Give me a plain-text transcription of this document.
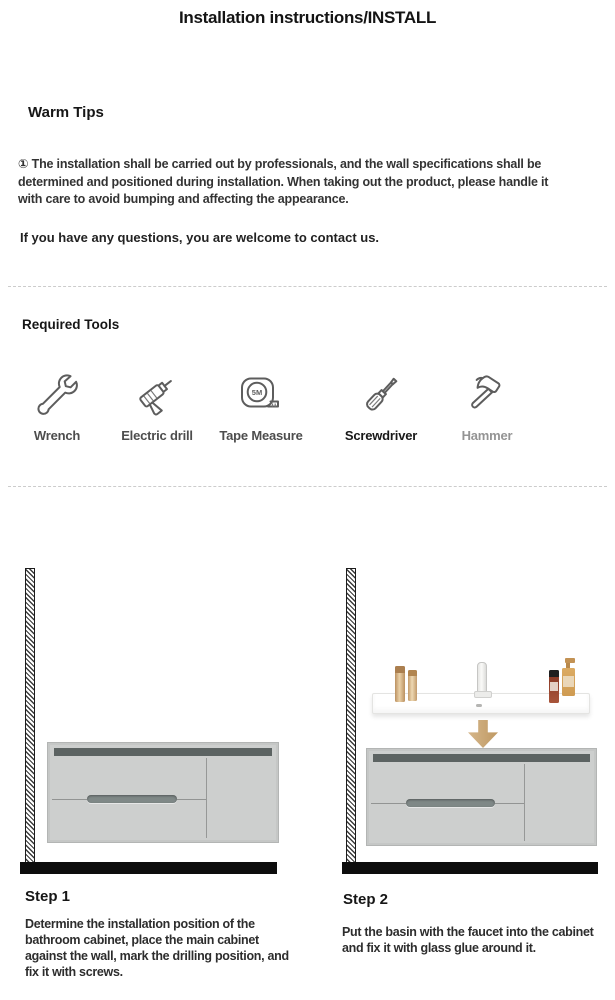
Installation instructions/INSTALL
Warm Tips

① The installation shall be carried out by professionals, and the wall specifications shall be determined and positioned during installation. When taking out the product, please handle it with care to avoid bumping and affecting the appearance.

If you have any questions, you are welcome to contact us.

Required Tools
Wrench	Electric drill
5M
Tape Measure	Screwdriver	Hammer
Step 1

Determine the installation position of the bathroom cabinet, place the main cabinet against the wall, mark the drilling position, and fix it with screws.

Step 2

Put the basin with the faucet into the cabinet and fix it with glass glue around it.
